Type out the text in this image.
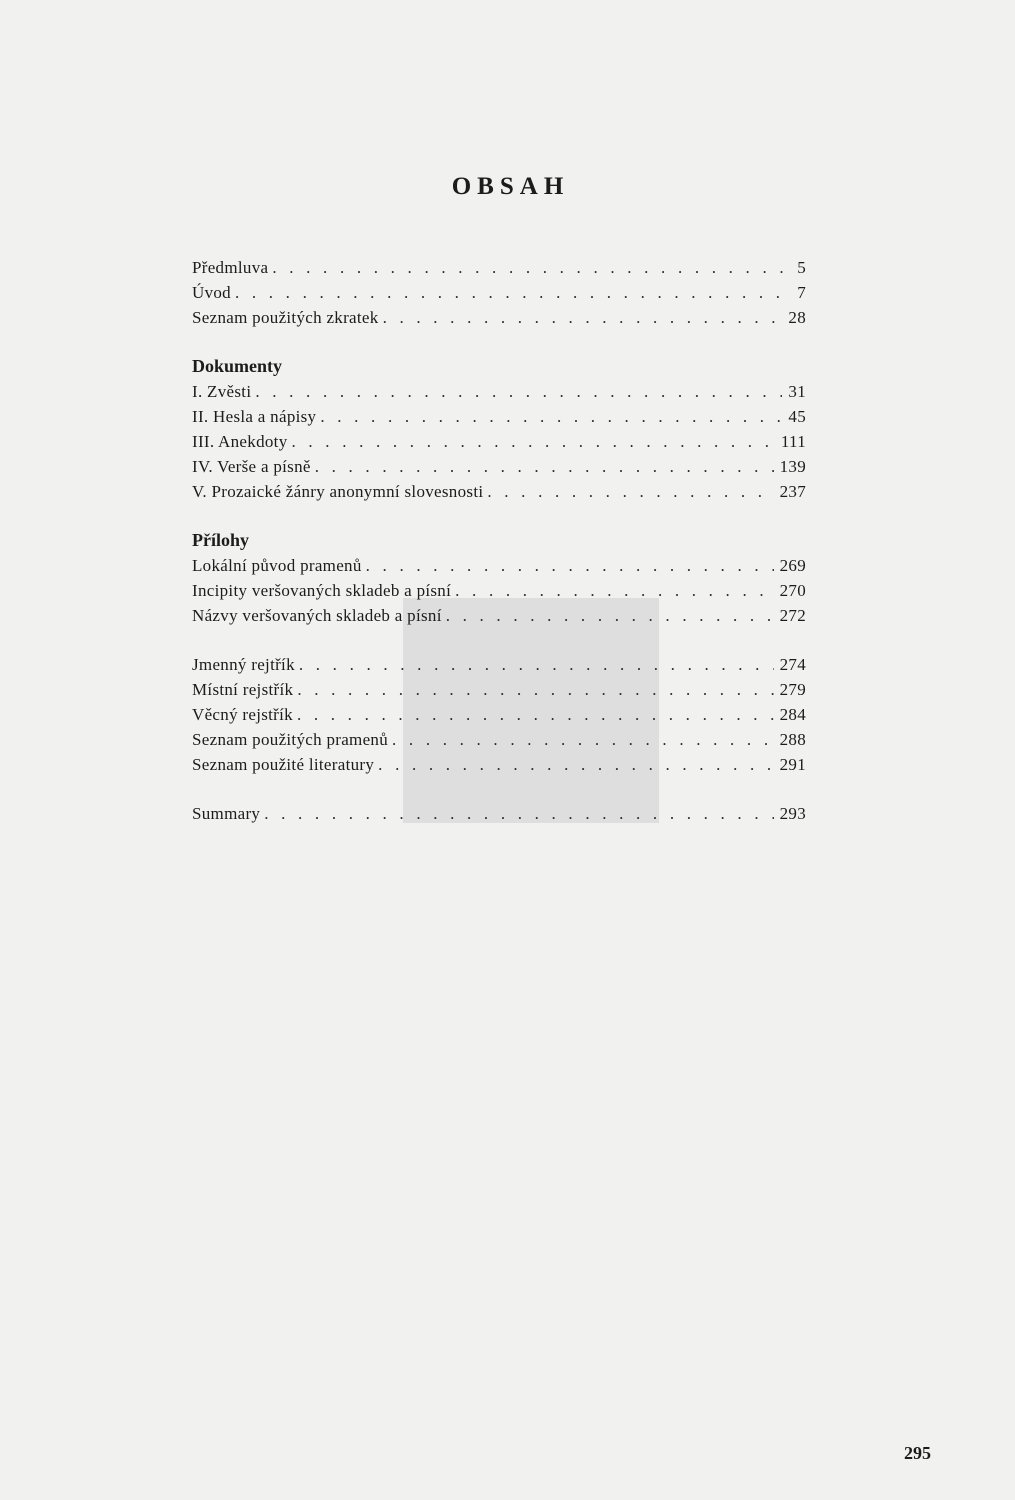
OBSAH
Předmluva . . .	5
Úvod . . .	7
Seznam použitých zkratek . . .	28
Dokumenty
I. Zvěsti . . .	31
II. Hesla a nápisy . . .	45
III. Anekdoty . . .	111
IV. Verše a písně . . .	139
V. Prozaické žánry anonymní slovesnosti . . .	237
Přílohy
Lokální původ pramenů . . .	269
Incipity veršovaných skladeb a písní . . .	270
Názvy veršovaných skladeb a písní . . .	272
Jmenný rejtřík . . .	274
Místní rejstřík . . .	279
Věcný rejstřík . . .	284
Seznam použitých pramenů . . .	288
Seznam použité literatury . . .	291
Summary . . .	293
295
